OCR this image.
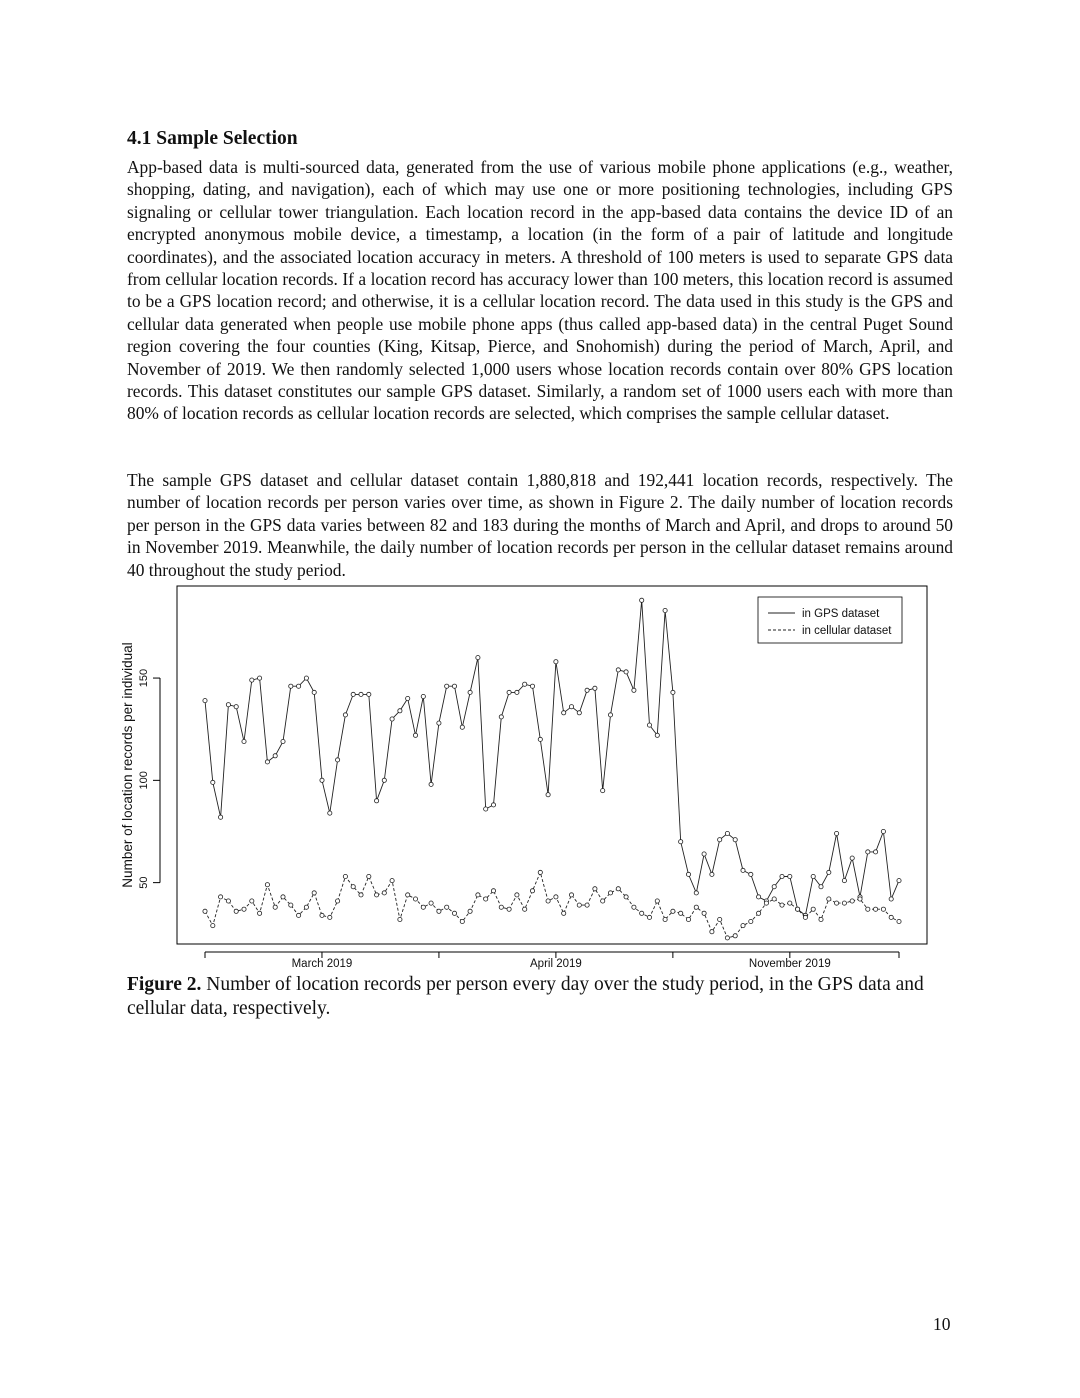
4.1 Sample Selection

App-based data is multi-sourced data, generated from the use of various mobile phone applications (e.g., weather, shopping, dating, and navigation), each of which may use one or more positioning technologies, including GPS signaling or cellular tower triangulation. Each location record in the app-based data contains the device ID of an encrypted anonymous mobile device, a timestamp, a location (in the form of a pair of latitude and longitude coordinates), and the associated location accuracy in meters. A threshold of 100 meters is used to separate GPS data from cellular location records. If a location record has accuracy lower than 100 meters, this location record is assumed to be a GPS location record; and otherwise, it is a cellular location record. The data used in this study is the GPS and cellular data generated when people use mobile phone apps (thus called app-based data) in the central Puget Sound region covering the four counties (King, Kitsap, Pierce, and Snohomish) during the period of March, April, and November of 2019. We then randomly selected 1,000 users whose location records contain over 80% GPS location records. This dataset constitutes our sample GPS dataset. Similarly, a random set of 1000 users each with more than 80% of location records as cellular location records are selected, which comprises the sample cellular dataset.

The sample GPS dataset and cellular dataset contain 1,880,818 and 192,441 location records, respectively. The number of location records per person varies over time, as shown in Figure 2. The daily number of location records per person in the GPS data varies between 82 and 183 during the months of March and April, and drops to around 50 in November 2019. Meanwhile, the daily number of location records per person in the cellular dataset remains around 40 throughout the study period.

50
100
150
Number of location records per individual
March 2019	April 2019	November 2019
in GPS dataset
in cellular dataset

Figure 2. Number of location records per person every day over the study period, in the GPS data and cellular data, respectively.

10
